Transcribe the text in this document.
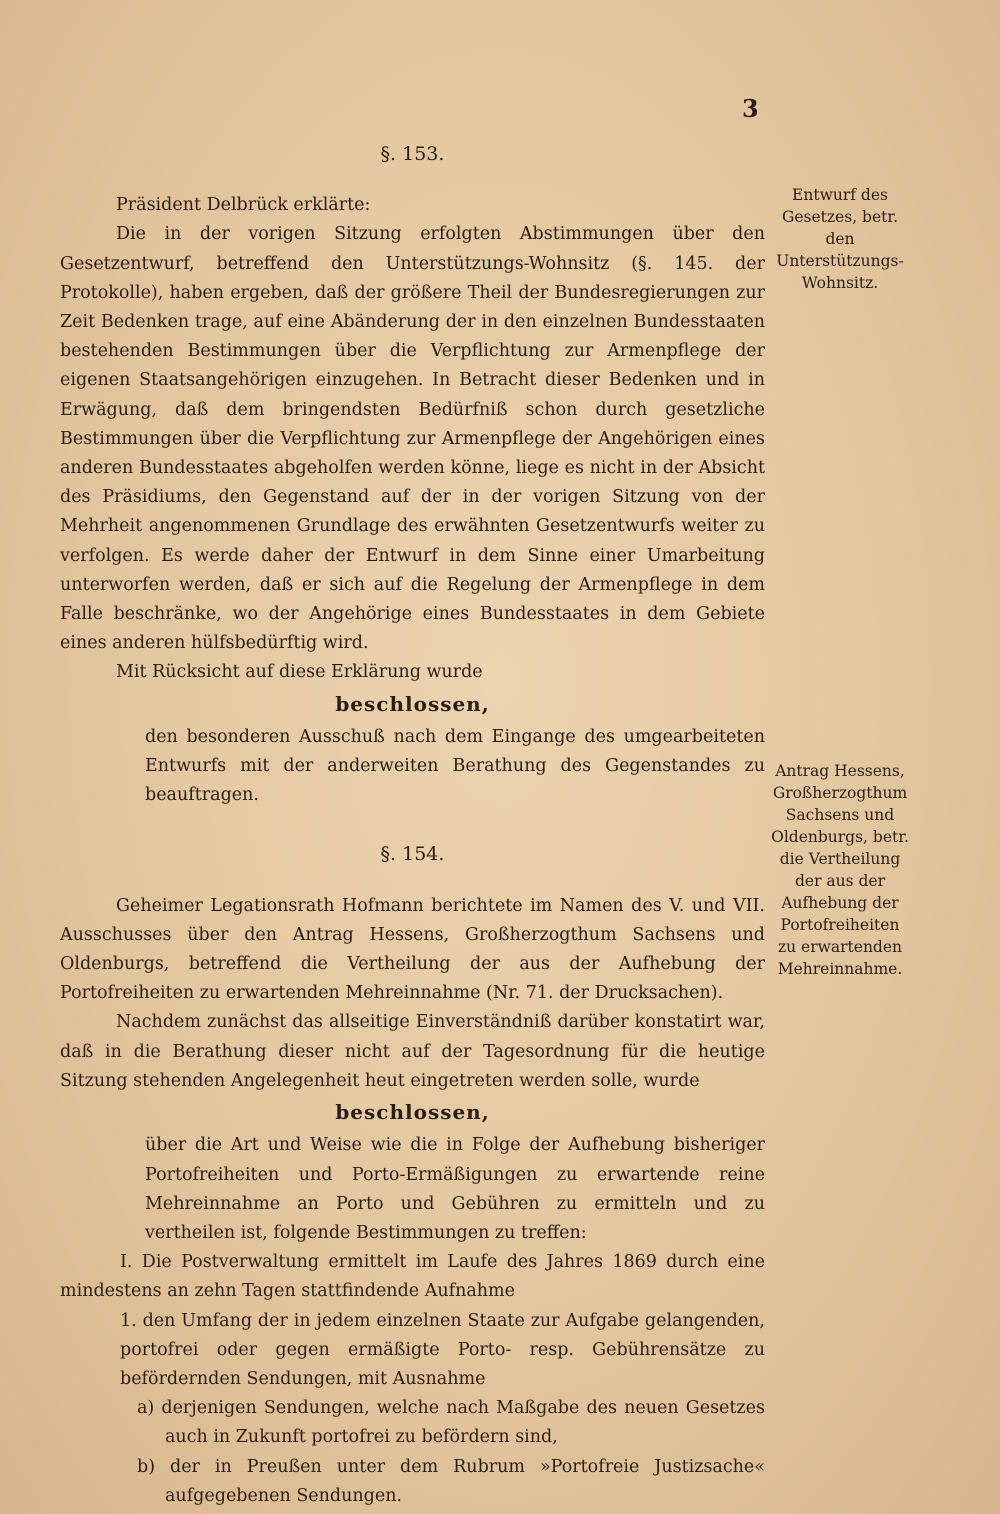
3
§. 153.

Präsident Delbrück erklärte:

Die in der vorigen Sitzung erfolgten Abstimmungen über den Gesetzentwurf, betreffend den Unterstützungs-Wohnsitz (§. 145. der Protokolle), haben ergeben, daß der größere Theil der Bundesregierungen zur Zeit Bedenken trage, auf eine Abänderung der in den einzelnen Bundesstaaten bestehenden Bestimmungen über die Verpflichtung zur Armenpflege der eigenen Staatsangehörigen einzugehen. In Betracht dieser Bedenken und in Erwägung, daß dem bringendsten Bedürfniß schon durch gesetzliche Bestimmungen über die Verpflichtung zur Armenpflege der Angehörigen eines anderen Bundesstaates abgeholfen werden könne, liege es nicht in der Absicht des Präsidiums, den Gegenstand auf der in der vorigen Sitzung von der Mehrheit angenommenen Grundlage des erwähnten Gesetzentwurfs weiter zu verfolgen. Es werde daher der Entwurf in dem Sinne einer Umarbeitung unterworfen werden, daß er sich auf die Regelung der Armenpflege in dem Falle beschränke, wo der Angehörige eines Bundesstaates in dem Gebiete eines anderen hülfsbedürftig wird.

Mit Rücksicht auf diese Erklärung wurde

beschlossen,

den besonderen Ausschuß nach dem Eingange des umgearbeiteten Entwurfs mit der anderweiten Berathung des Gegenstandes zu beauftragen.

§. 154.

Geheimer Legationsrath Hofmann berichtete im Namen des V. und VII. Ausschusses über den Antrag Hessens, Großherzogthum Sachsens und Oldenburgs, betreffend die Vertheilung der aus der Aufhebung der Portofreiheiten zu erwartenden Mehreinnahme (Nr. 71. der Drucksachen).

Nachdem zunächst das allseitige Einverständniß darüber konstatirt war, daß in die Berathung dieser nicht auf der Tagesordnung für die heutige Sitzung stehenden Angelegenheit heut eingetreten werden solle, wurde

beschlossen,

über die Art und Weise wie die in Folge der Aufhebung bisheriger Portofreiheiten und Porto-Ermäßigungen zu erwartende reine Mehreinnahme an Porto und Gebühren zu ermitteln und zu vertheilen ist, folgende Bestimmungen zu treffen:

I. Die Postverwaltung ermittelt im Laufe des Jahres 1869 durch eine mindestens an zehn Tagen stattfindende Aufnahme

1. den Umfang der in jedem einzelnen Staate zur Aufgabe gelangenden, portofrei oder gegen ermäßigte Porto- resp. Gebührensätze zu befördernden Sendungen, mit Ausnahme

a) derjenigen Sendungen, welche nach Maßgabe des neuen Gesetzes auch in Zukunft portofrei zu befördern sind,

b) der in Preußen unter dem Rubrum »Portofreie Justizsache« aufgegebenen Sendungen.

Entwurf des Gesetzes, betr. den Unterstützungs-Wohnsitz.
Antrag Hessens, Großherzogthum Sachsens und Oldenburgs, betr. die Vertheilung der aus der Aufhebung der Portofreiheiten zu erwartenden Mehreinnahme.
